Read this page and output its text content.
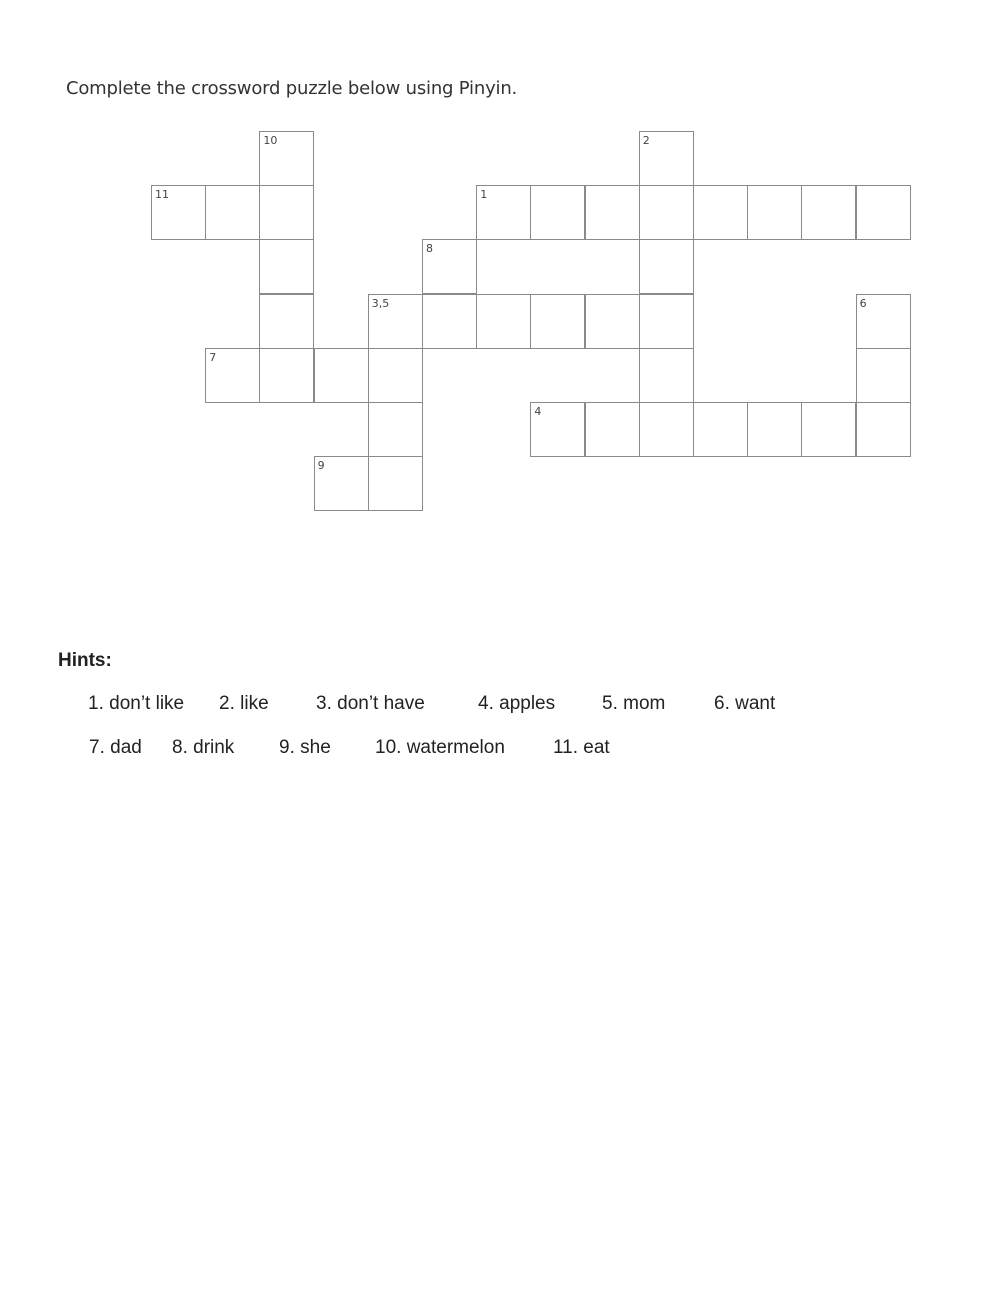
Complete the crossword puzzle below using Pinyin.
10	2
11	1
8
3,5	6
7
4
9
Hints:
1. don’t like 2. like 3. don’t have	4. apples 5. mom	6. want
7. dad 8. drink 9. she 10. watermelon	11. eat
